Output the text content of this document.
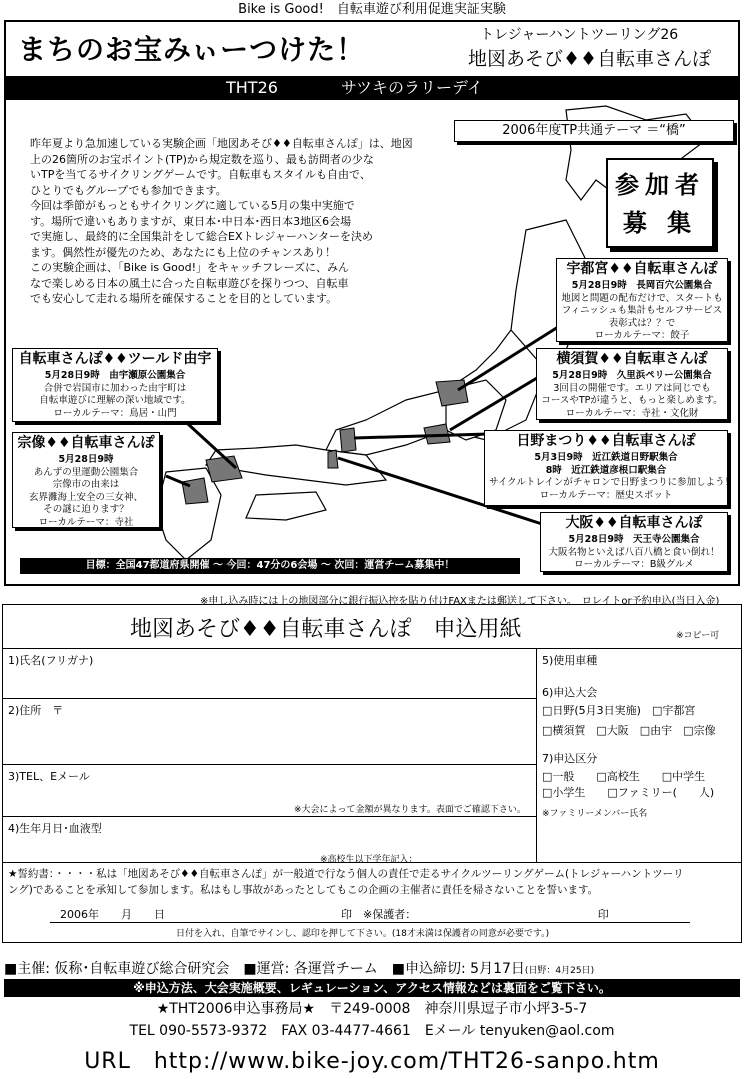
Bike is Good!　自転車遊び利用促進実証実験
まちのお宝みぃーつけた！	トレジャーハントツーリング26
地図あそび♦♦自転車さんぽ
THT26	サツキのラリーデイ

昨年夏より急加速している実験企画「地図あそび♦♦自転車さんぽ」は、地図

上の26箇所のお宝ポイント(TP)から規定数を巡り、最も訪問者の少な

いTPを当てるサイクリングゲームです。自転車もスタイルも自由で、

ひとりでもグループでも参加できます。

今回は季節がもっともサイクリングに適している5月の集中実施で

す。場所で違いもありますが、東日本･中日本･西日本3地区6会場

で実施し、最終的に全国集計をして総合EXトレジャーハンターを決め

ます。偶然性が優先のため、あなたにも上位のチャンスあり！

この実験企画は、「Bike is Good!」をキャッチフレーズに、みん

なで楽しめる日本の風土に合った自転車遊びを探りつつ、自転車

でも安心して走れる場所を確保することを目的としています。

2006年度TP共通テーマ ＝“橋”
参加者
募 集
宇都宮♦♦自転車さんぽ
5月28日9時　長岡百穴公園集合
地図と問題の配布だけで、スタートも
フィニッシュも集計もセルフサービス
表彰式は？？で
ローカルテーマ：餃子
横須賀♦♦自転車さんぽ
5月28日9時　久里浜ペリー公園集合
3回目の開催です。エリアは同じでも
コースやTPが違うと、もっと楽しめます。
ローカルテーマ：寺社・文化財
日野まつり♦♦自転車さんぽ
5月3日9時　近江鉄道日野駅集合
8時　近江鉄道彦根口駅集合
サイクルトレインがチャロンで日野まつりに参加しよう！
ローカルテーマ：歴史スポット
大阪♦♦自転車さんぽ
5月28日9時　天王寺公園集合
大阪名物といえば八百八橋と食い倒れ！
ローカルテーマ：B級グルメ
自転車さんぽ♦♦ツールド由宇
5月28日9時　由宇瀬原公園集合
合併で岩国市に加わった由宇町は
自転車遊びに理解の深い地域です。
ローカルテーマ：鳥居・山門
宗像♦♦自転車さんぽ
5月28日9時
あんずの里運動公園集合
宗像市の由来は
玄界灘海上安全の三女神、
その謎に迫ります？
ローカルテーマ：寺社
目標：全国47都道府県開催 ～ 今回：47分の6会場 ～ 次回：運営チーム募集中！
※申し込み時には上の地図部分に銀行振込控を貼り付けFAXまたは郵送して下さい。　ロレイトor予約申込(当日入金)
地図あそび♦♦自転車さんぽ　申込用紙	※コピー可
1)氏名(フリガナ)
2)住所　〒
3)TEL、Eメール
※大会によって金額が異なります。表面でご確認下さい。
4)生年月日･血液型
※高校生以下学年記入：
5)使用車種
6)申込大会
□日野(5月3日実施)　□宇都宮
□横須賀　□大阪　□由宇　□宗像
7)申込区分
□一般　　□高校生　　□中学生
□小学生　　□ファミリー(　　人)
※ファミリーメンバー氏名
★誓約書：・・・・私は「地図あそび♦♦自転車さんぽ」が一般道で行なう個人の責任で走るサイクルツーリングゲーム(トレジャーハントツーリ
ング)であることを承知して参加します。私はもし事故があったとしてもこの企画の主催者に責任を帰さないことを誓います。
2006年　　月　　日　　　　　　　　　　　　　　　　印　※保護者：　　　　　　　　　　　　　　　　　印
日付を入れ、自筆でサインし、認印を押して下さい。(18才未満は保護者の同意が必要です。)
■主催: 仮称･自転車遊び総合研究会　■運営: 各運営チーム　■申込締切: 5月17日(日野：4月25日)
※申込方法、大会実施概要、レギュレーション、アクセス情報などは裏面をご覧下さい。
★THT2006申込事務局★　〒249-0008　神奈川県逗子市小坪3-5-7
TEL 090-5573-9372　FAX 03-4477-4661　Eメール tenyuken@aol.com
URL　http://www.bike-joy.com/THT26-sanpo.htm
